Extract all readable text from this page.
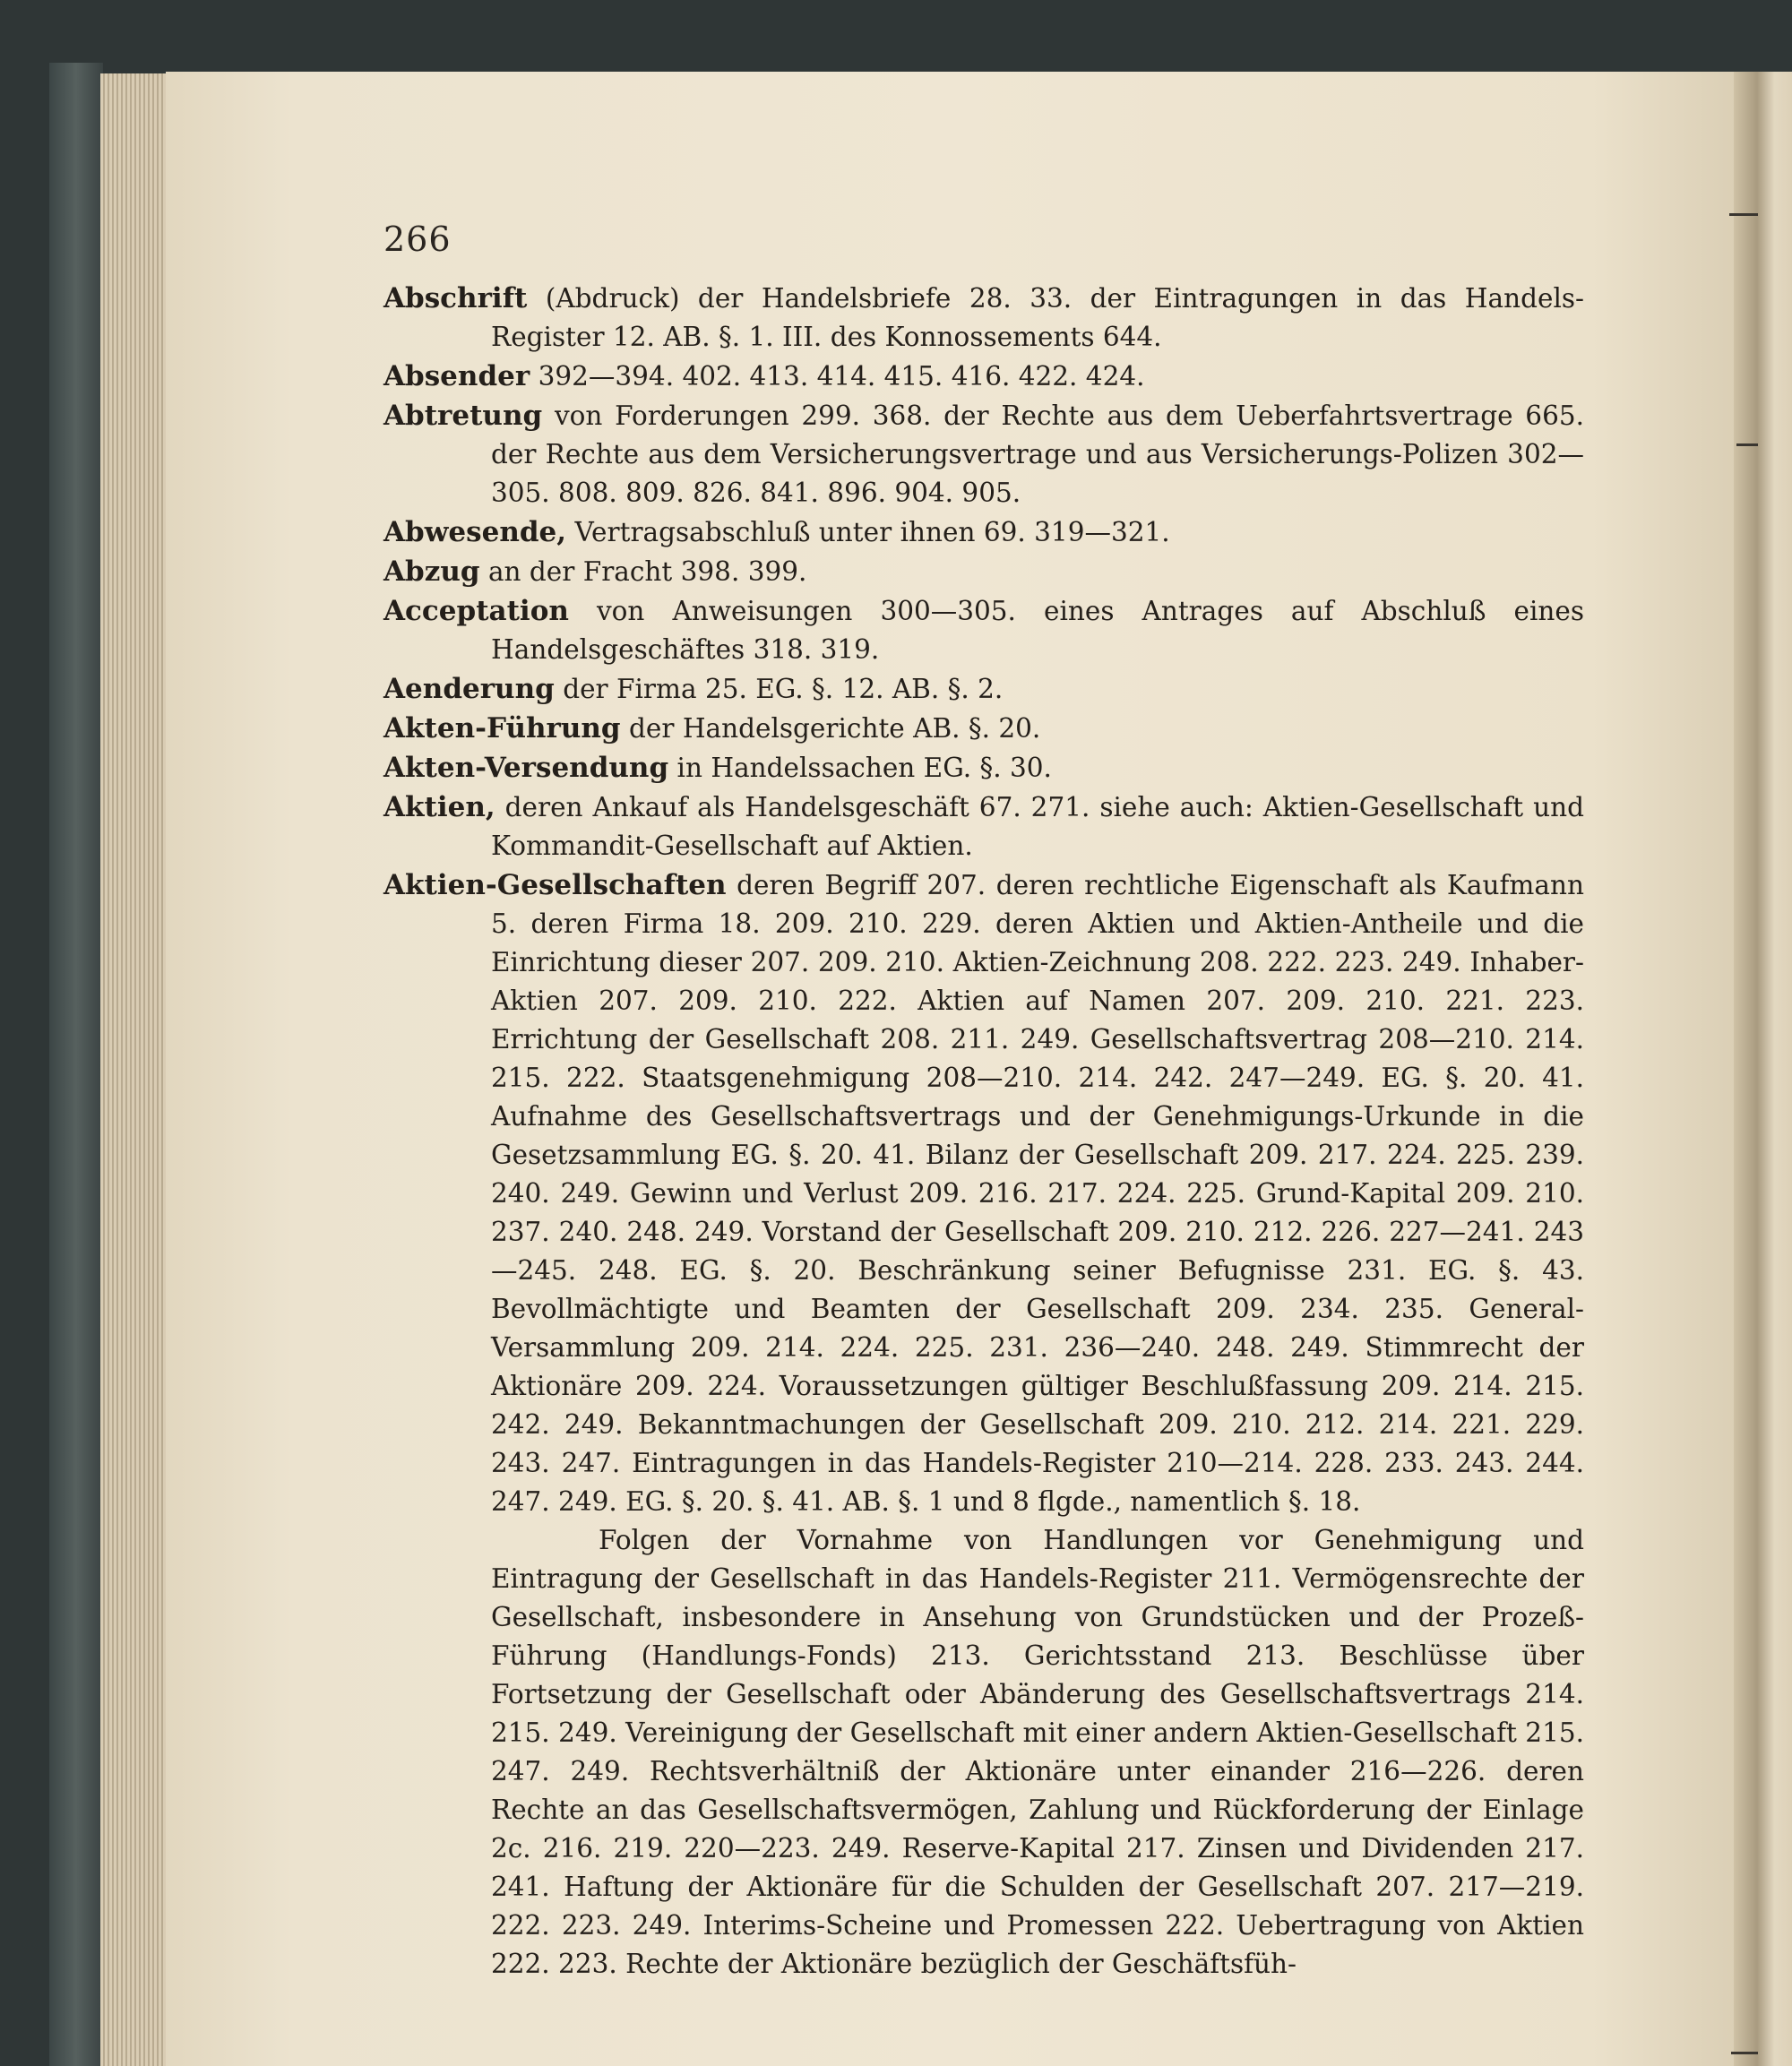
266

Abschrift (Abdruck) der Handelsbriefe 28. 33. der Eintragungen in das Handels-Register 12. AB. §. 1. III. des Konnossements 644.

Absender 392—394. 402. 413. 414. 415. 416. 422. 424.

Abtretung von Forderungen 299. 368. der Rechte aus dem Ueberfahrtsvertrage 665. der Rechte aus dem Versicherungsvertrage und aus Versicherungs-Polizen 302—305. 808. 809. 826. 841. 896. 904. 905.

Abwesende, Vertragsabschluß unter ihnen 69. 319—321.

Abzug an der Fracht 398. 399.

Acceptation von Anweisungen 300—305. eines Antrages auf Abschluß eines Handelsgeschäftes 318. 319.

Aenderung der Firma 25. EG. §. 12. AB. §. 2.

Akten-Führung der Handelsgerichte AB. §. 20.

Akten-Versendung in Handelssachen EG. §. 30.

Aktien, deren Ankauf als Handelsgeschäft 67. 271. siehe auch: Aktien-Gesellschaft und Kommandit-Gesellschaft auf Aktien.

Aktien-Gesellschaften deren Begriff 207. deren rechtliche Eigenschaft als Kaufmann 5. deren Firma 18. 209. 210. 229. deren Aktien und Aktien-Antheile und die Einrichtung dieser 207. 209. 210. Aktien-Zeichnung 208. 222. 223. 249. Inhaber-Aktien 207. 209. 210. 222. Aktien auf Namen 207. 209. 210. 221. 223. Errichtung der Gesellschaft 208. 211. 249. Gesellschaftsvertrag 208—210. 214. 215. 222. Staatsgenehmigung 208—210. 214. 242. 247—249. EG. §. 20. 41. Aufnahme des Gesellschaftsvertrags und der Genehmigungs-Urkunde in die Gesetzsammlung EG. §. 20. 41. Bilanz der Gesellschaft 209. 217. 224. 225. 239. 240. 249. Gewinn und Verlust 209. 216. 217. 224. 225. Grund-Kapital 209. 210. 237. 240. 248. 249. Vorstand der Gesellschaft 209. 210. 212. 226. 227—241. 243—245. 248. EG. §. 20. Beschränkung seiner Befugnisse 231. EG. §. 43. Bevollmächtigte und Beamten der Gesellschaft 209. 234. 235. General-Versammlung 209. 214. 224. 225. 231. 236—240. 248. 249. Stimmrecht der Aktionäre 209. 224. Voraussetzungen gültiger Beschlußfassung 209. 214. 215. 242. 249. Bekanntmachungen der Gesellschaft 209. 210. 212. 214. 221. 229. 243. 247. Eintragungen in das Handels-Register 210—214. 228. 233. 243. 244. 247. 249. EG. §. 20. §. 41. AB. §. 1 und 8 flgde., namentlich §. 18.

Folgen der Vornahme von Handlungen vor Genehmigung und Eintragung der Gesellschaft in das Handels-Register 211. Vermögensrechte der Gesellschaft, insbesondere in Ansehung von Grundstücken und der Prozeß-Führung (Handlungs-Fonds) 213. Gerichtsstand 213. Beschlüsse über Fortsetzung der Gesellschaft oder Abänderung des Gesellschaftsvertrags 214. 215. 249. Vereinigung der Gesellschaft mit einer andern Aktien-Gesellschaft 215. 247. 249. Rechtsverhältniß der Aktionäre unter einander 216—226. deren Rechte an das Gesellschaftsvermögen, Zahlung und Rückforderung der Einlage 2c. 216. 219. 220—223. 249. Reserve-Kapital 217. Zinsen und Dividenden 217. 241. Haftung der Aktionäre für die Schulden der Gesellschaft 207. 217—219. 222. 223. 249. Interims-Scheine und Promessen 222. Uebertragung von Aktien 222. 223. Rechte der Aktionäre bezüglich der Geschäftsfüh-
